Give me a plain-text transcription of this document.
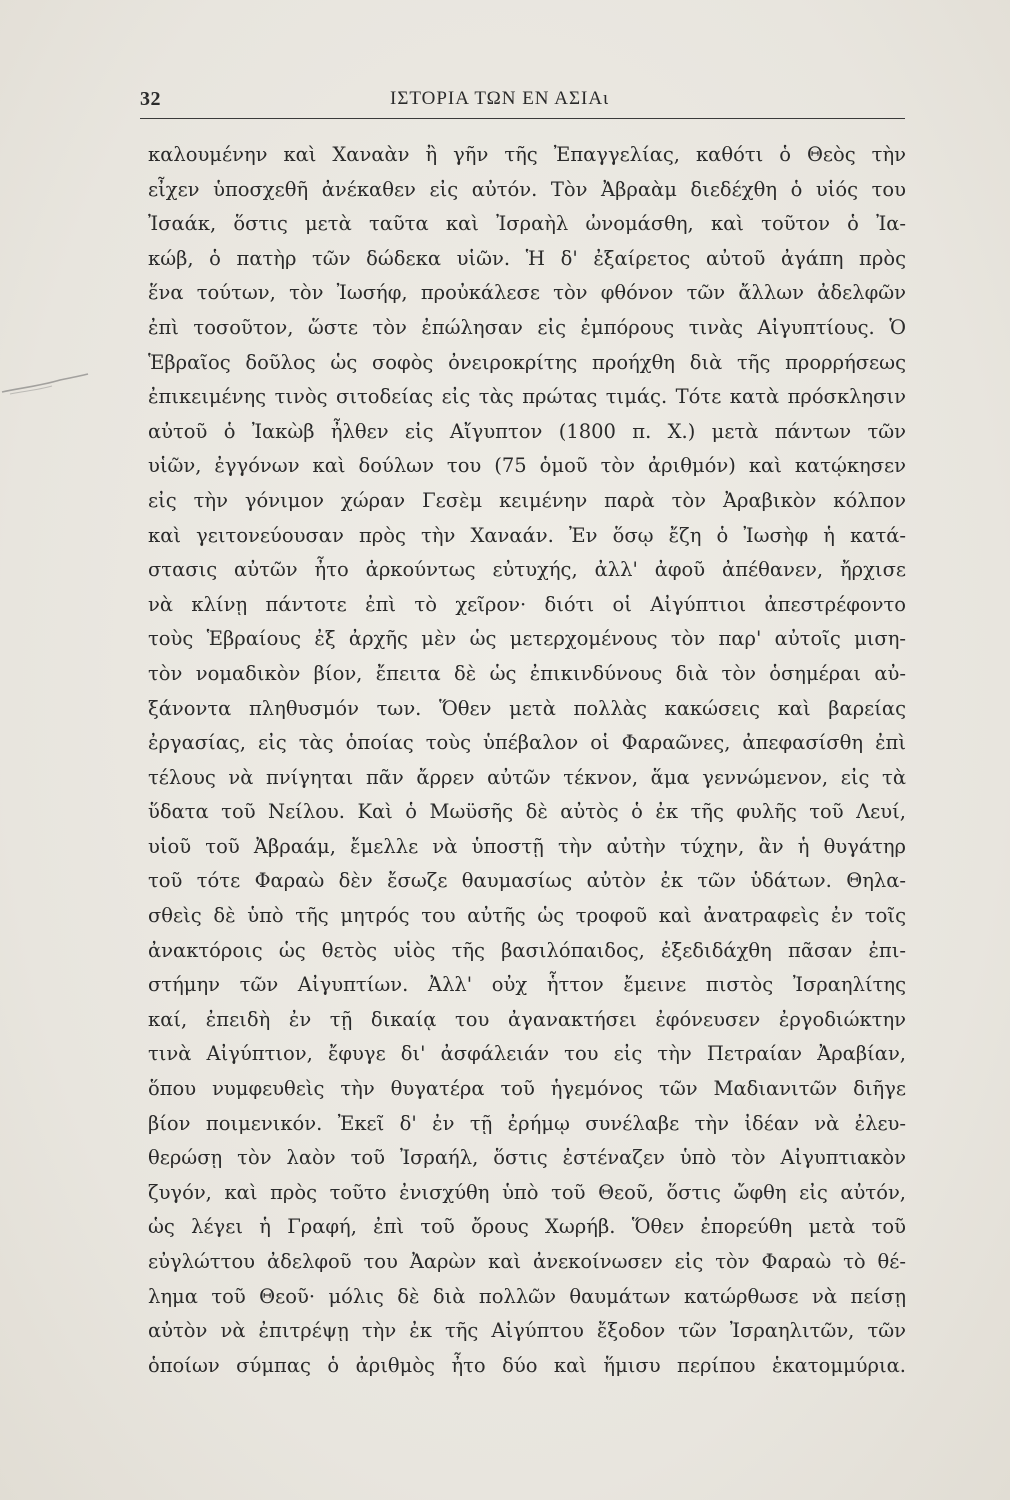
32	ΙΣΤΟΡΙΑ ΤΩΝ ΕΝ ΑΣΙΑι
καλουμένην καὶ Χαναὰν ἢ γῆν τῆς Ἐπαγγελίας, καθότι ὁ Θεὸς τὴν
εἶχεν ὑποσχεθῆ ἀνέκαθεν εἰς αὐτόν. Τὸν Ἀβραὰμ διεδέχθη ὁ υἱός του
Ἰσαάκ, ὅστις μετὰ ταῦτα καὶ Ἰσραὴλ ὠνομάσθη, καὶ τοῦτον ὁ Ἰα-
κώβ, ὁ πατὴρ τῶν δώδεκα υἱῶν. Ἡ δ' ἐξαίρετος αὐτοῦ ἀγάπη πρὸς
ἕνα τούτων, τὸν Ἰωσήφ, προὐκάλεσε τὸν φθόνον τῶν ἄλλων ἀδελφῶν
ἐπὶ τοσοῦτον, ὥστε τὸν ἐπώλησαν εἰς ἐμπόρους τινὰς Αἰγυπτίους. Ὁ
Ἑβραῖος δοῦλος ὡς σοφὸς ὀνειροκρίτης προήχθη διὰ τῆς προρρήσεως
ἐπικειμένης τινὸς σιτοδείας εἰς τὰς πρώτας τιμάς. Τότε κατὰ πρόσκλησιν
αὐτοῦ ὁ Ἰακὼβ ἦλθεν εἰς Αἴγυπτον (1800 π. Χ.) μετὰ πάντων τῶν
υἱῶν, ἐγγόνων καὶ δούλων του (75 ὁμοῦ τὸν ἀριθμόν) καὶ κατῴκησεν
εἰς τὴν γόνιμον χώραν Γεσὲμ κειμένην παρὰ τὸν Ἀραβικὸν κόλπον
καὶ γειτονεύουσαν πρὸς τὴν Χαναάν. Ἐν ὅσῳ ἔζη ὁ Ἰωσὴφ ἡ κατά-
στασις αὐτῶν ἦτο ἀρκούντως εὐτυχής, ἀλλ' ἀφοῦ ἀπέθανεν, ἤρχισε
νὰ κλίνῃ πάντοτε ἐπὶ τὸ χεῖρον· διότι οἱ Αἰγύπτιοι ἀπεστρέφοντο
τοὺς Ἑβραίους ἐξ ἀρχῆς μὲν ὡς μετερχομένους τὸν παρ' αὐτοῖς μιση-
τὸν νομαδικὸν βίον, ἔπειτα δὲ ὡς ἐπικινδύνους διὰ τὸν ὁσημέραι αὐ-
ξάνοντα πληθυσμόν των. Ὅθεν μετὰ πολλὰς κακώσεις καὶ βαρείας
ἐργασίας, εἰς τὰς ὁποίας τοὺς ὑπέβαλον οἱ Φαραῶνες, ἀπεφασίσθη ἐπὶ
τέλους νὰ πνίγηται πᾶν ἄρρεν αὐτῶν τέκνον, ἅμα γεννώμενον, εἰς τὰ
ὕδατα τοῦ Νείλου. Καὶ ὁ Μωϋσῆς δὲ αὐτὸς ὁ ἐκ τῆς φυλῆς τοῦ Λευί,
υἱοῦ τοῦ Ἀβραάμ, ἔμελλε νὰ ὑποστῇ τὴν αὐτὴν τύχην, ἂν ἡ θυγάτηρ
τοῦ τότε Φαραὼ δὲν ἔσωζε θαυμασίως αὐτὸν ἐκ τῶν ὑδάτων. Θηλα-
σθεὶς δὲ ὑπὸ τῆς μητρός του αὐτῆς ὡς τροφοῦ καὶ ἀνατραφεὶς ἐν τοῖς
ἀνακτόροις ὡς θετὸς υἱὸς τῆς βασιλόπαιδος, ἐξεδιδάχθη πᾶσαν ἐπι-
στήμην τῶν Αἰγυπτίων. Ἀλλ' οὐχ ἧττον ἔμεινε πιστὸς Ἰσραηλίτης
καί, ἐπειδὴ ἐν τῇ δικαίᾳ του ἀγανακτήσει ἐφόνευσεν ἐργοδιώκτην
τινὰ Αἰγύπτιον, ἔφυγε δι' ἀσφάλειάν του εἰς τὴν Πετραίαν Ἀραβίαν,
ὅπου νυμφευθεὶς τὴν θυγατέρα τοῦ ἡγεμόνος τῶν Μαδιανιτῶν διῆγε
βίον ποιμενικόν. Ἐκεῖ δ' ἐν τῇ ἐρήμῳ συνέλαβε τὴν ἰδέαν νὰ ἐλευ-
θερώσῃ τὸν λαὸν τοῦ Ἰσραήλ, ὅστις ἐστέναζεν ὑπὸ τὸν Αἰγυπτιακὸν
ζυγόν, καὶ πρὸς τοῦτο ἐνισχύθη ὑπὸ τοῦ Θεοῦ, ὅστις ὤφθη εἰς αὐτόν,
ὡς λέγει ἡ Γραφή, ἐπὶ τοῦ ὄρους Χωρήβ. Ὅθεν ἐπορεύθη μετὰ τοῦ
εὐγλώττου ἀδελφοῦ του Ἀαρὼν καὶ ἀνεκοίνωσεν εἰς τὸν Φαραὼ τὸ θέ-
λημα τοῦ Θεοῦ· μόλις δὲ διὰ πολλῶν θαυμάτων κατώρθωσε νὰ πείσῃ
αὐτὸν νὰ ἐπιτρέψῃ τὴν ἐκ τῆς Αἰγύπτου ἔξοδον τῶν Ἰσραηλιτῶν, τῶν
ὁποίων σύμπας ὁ ἀριθμὸς ἦτο δύο καὶ ἥμισυ περίπου ἑκατομμύρια.
